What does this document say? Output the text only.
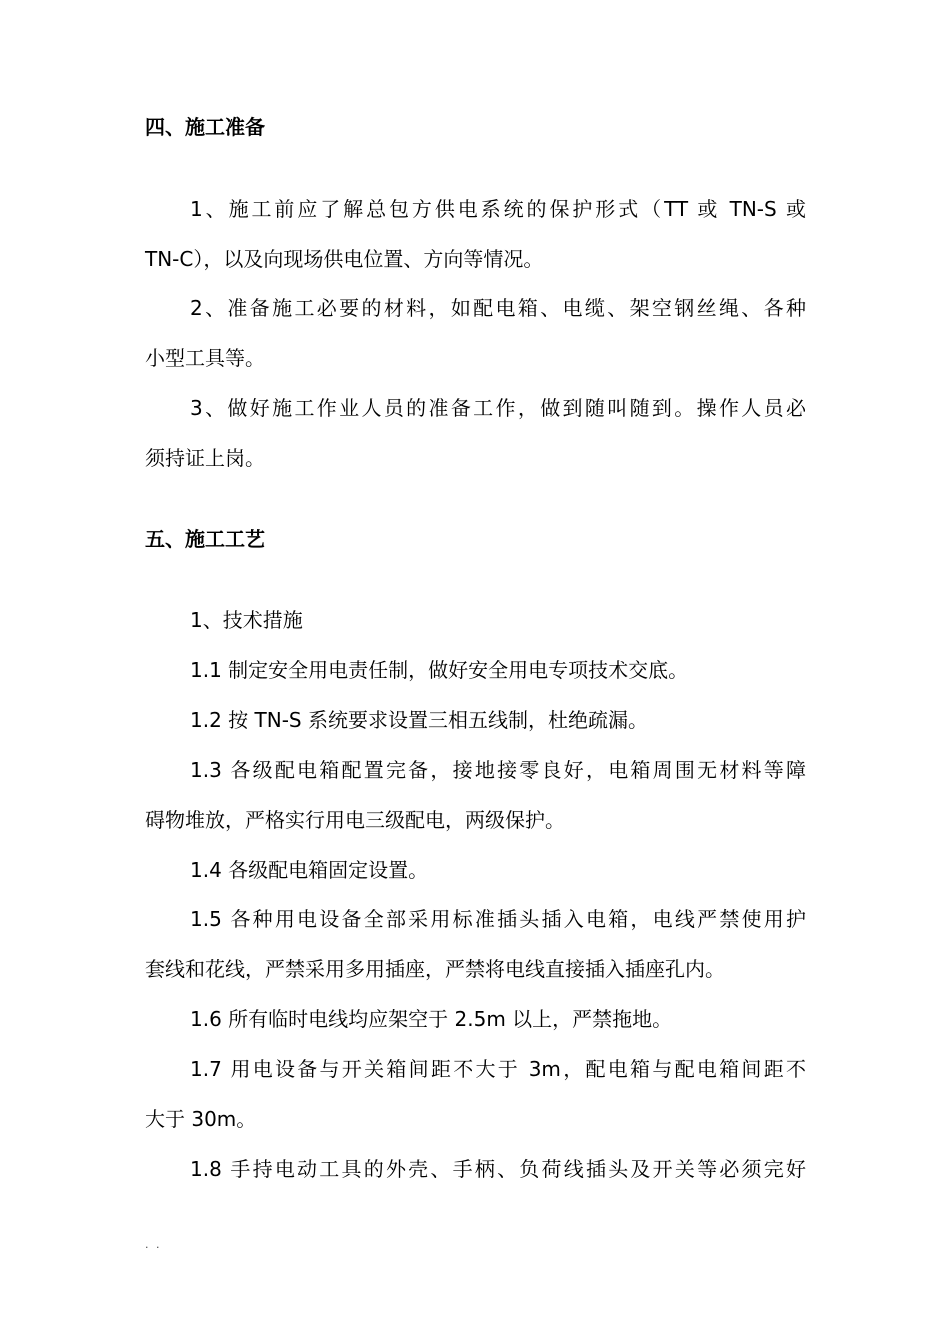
四、施工准备
1、施工前应了解总包方供电系统的保护形式（TT 或 TN-S 或
TN-C），以及向现场供电位置、方向等情况。
2、准备施工必要的材料，如配电箱、电缆、架空钢丝绳、各种
小型工具等。
3、做好施工作业人员的准备工作，做到随叫随到。操作人员必
须持证上岗。
五、施工工艺
1、技术措施
1.1 制定安全用电责任制，做好安全用电专项技术交底。
1.2 按 TN-S 系统要求设置三相五线制，杜绝疏漏。
1.3 各级配电箱配置完备，接地接零良好，电箱周围无材料等障
碍物堆放，严格实行用电三级配电，两级保护。
1.4 各级配电箱固定设置。
1.5 各种用电设备全部采用标准插头插入电箱，电线严禁使用护
套线和花线，严禁采用多用插座，严禁将电线直接插入插座孔内。
1.6 所有临时电线均应架空于 2.5m 以上，严禁拖地。
1.7 用电设备与开关箱间距不大于 3m，配电箱与配电箱间距不
大于 30m。
1.8 手持电动工具的外壳、手柄、负荷线插头及开关等必须完好
. .
